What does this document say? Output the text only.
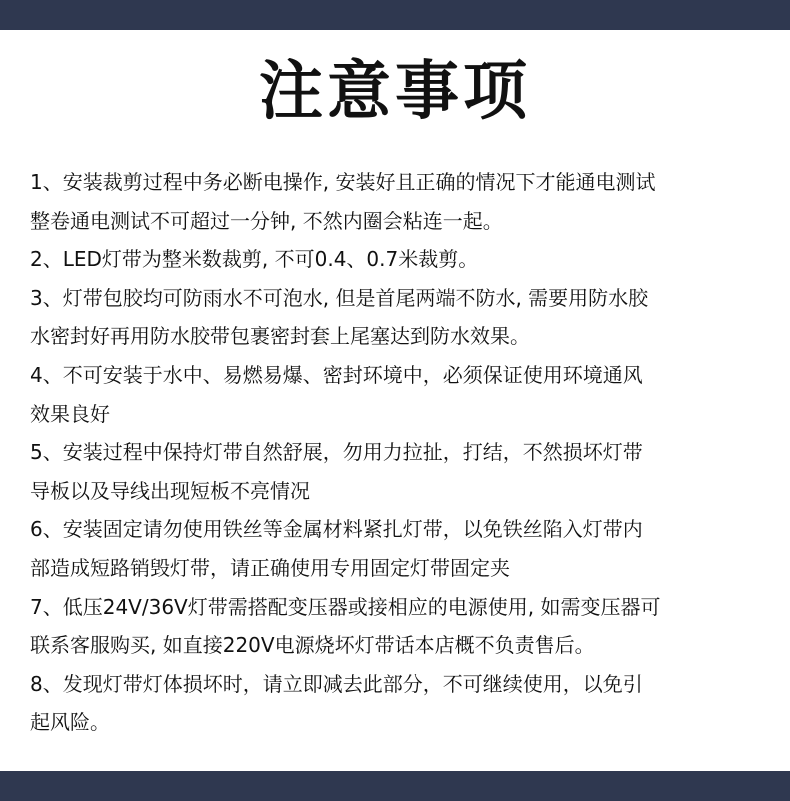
注意事项
1、安装裁剪过程中务必断电操作, 安装好且正确的情况下才能通电测试
整卷通电测试不可超过一分钟, 不然内圈会粘连一起。
2、LED灯带为整米数裁剪, 不可0.4、0.7米裁剪。
3、灯带包胶均可防雨水不可泡水, 但是首尾两端不防水, 需要用防水胶
水密封好再用防水胶带包裹密封套上尾塞达到防水效果。
4、不可安装于水中、易燃易爆、密封环境中，必须保证使用环境通风
效果良好
5、安装过程中保持灯带自然舒展，勿用力拉扯，打结，不然损坏灯带
导板以及导线出现短板不亮情况
6、安装固定请勿使用铁丝等金属材料紧扎灯带，以免铁丝陷入灯带内
部造成短路销毁灯带，请正确使用专用固定灯带固定夹
7、低压24V/36V灯带需搭配变压器或接相应的电源使用, 如需变压器可
联系客服购买, 如直接220V电源烧坏灯带话本店概不负责售后。
8、发现灯带灯体损坏时，请立即减去此部分，不可继续使用，以免引
起风险。
